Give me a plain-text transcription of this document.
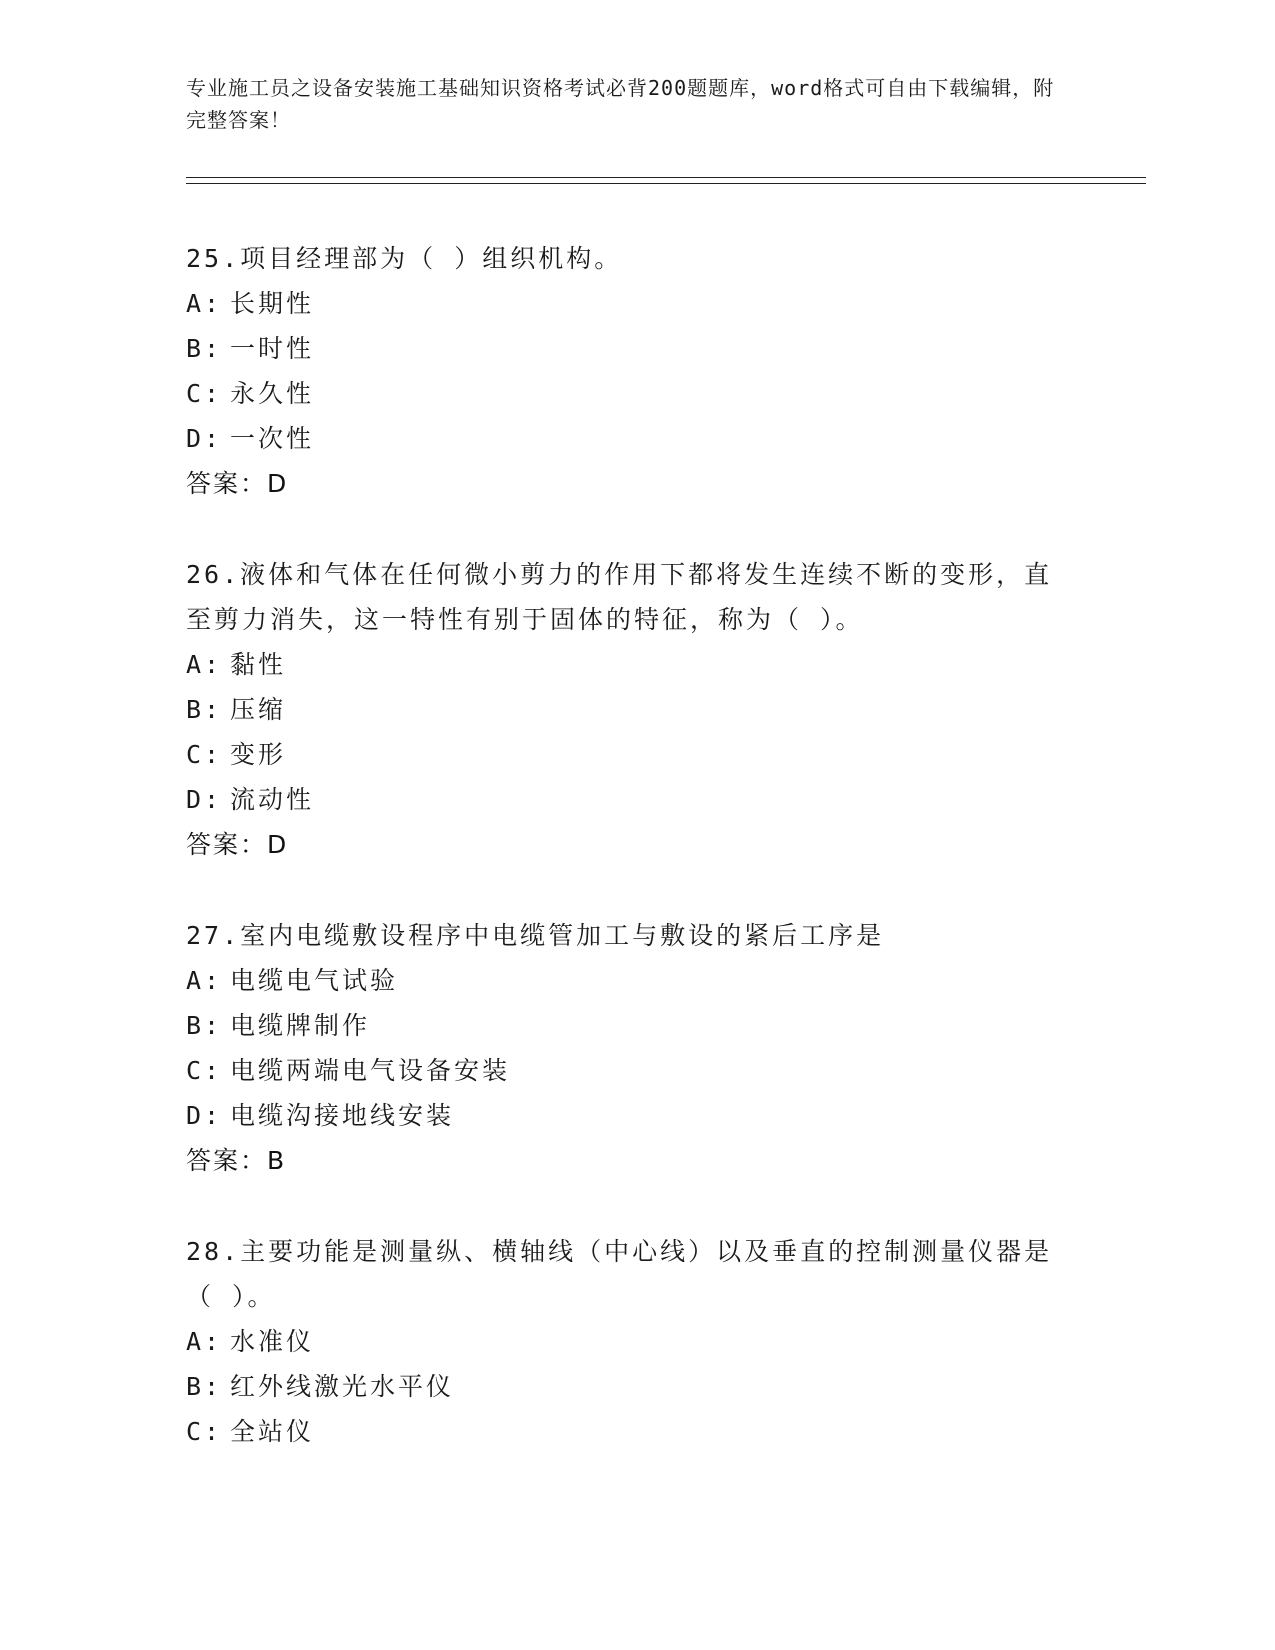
专业施工员之设备安装施工基础知识资格考试必背200题题库，word格式可自由下载编辑，附完整答案！
25.项目经理部为（ ）组织机构。
A: 长期性
B: 一时性
C: 永久性
D: 一次性
答案：D
26.液体和气体在任何微小剪力的作用下都将发生连续不断的变形，直至剪力消失，这一特性有别于固体的特征，称为（ ）。
A: 黏性
B: 压缩
C: 变形
D: 流动性
答案：D
27.室内电缆敷设程序中电缆管加工与敷设的紧后工序是
A: 电缆电气试验
B: 电缆牌制作
C: 电缆两端电气设备安装
D: 电缆沟接地线安装
答案：B
28.主要功能是测量纵、横轴线（中心线）以及垂直的控制测量仪器是（ ）。
A: 水准仪
B: 红外线激光水平仪
C: 全站仪
